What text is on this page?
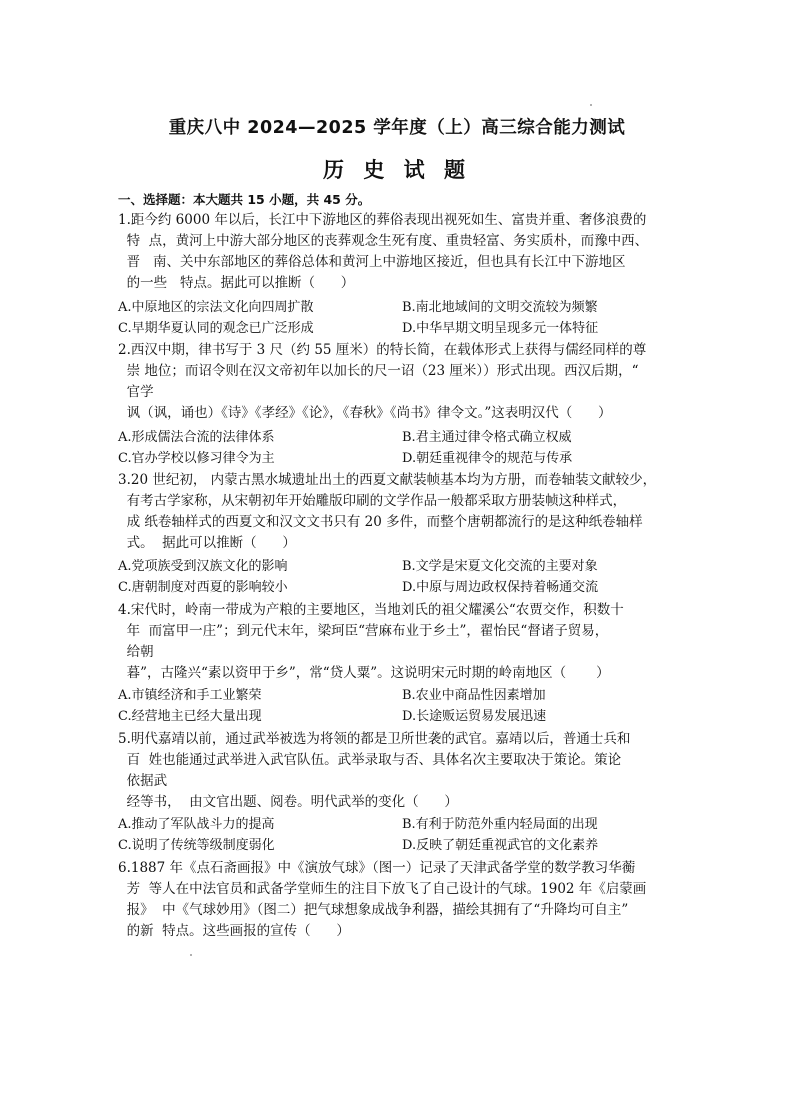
重庆八中 2024—2025 学年度（上）高三综合能力测试
历 史 试 题
一、选择题：本大题共 15 小题，共 45 分。
1.距今约 6000 年以后，长江中下游地区的葬俗表现出视死如生、富贵并重、奢侈浪费的
特  点，黄河上中游大部分地区的丧葬观念生死有度、重贵轻富、务实质朴，而豫中西、
晋   南、关中东部地区的葬俗总体和黄河上中游地区接近，但也具有长江中下游地区
的一些   特点。据此可以推断（      ）
A.中原地区的宗法文化向四周扩散	B.南北地域间的文明交流较为频繁
C.早期华夏认同的观念已广泛形成	D.中华早期文明呈现多元一体特征
2.西汉中期，律书写于 3 尺（约 55 厘米）的特长简，在载体形式上获得与儒经同样的尊
崇 地位；而诏令则在汉文帝初年以加长的尺一诏（23 厘米））形式出现。西汉后期，“
官学
讽（讽，诵也）《诗》《孝经》《论》，《春秋》《尚书》律令文。”这表明汉代（      ）
A.形成儒法合流的法律体系	B.君主通过律令格式确立权威
C.官办学校以修习律令为主	D.朝廷重视律令的规范与传承
3.20 世纪初， 内蒙古黑水城遗址出土的西夏文献装帧基本均为方册，而卷轴装文献较少，
有考古学家称，从宋朝初年开始雕版印刷的文学作品一般都采取方册装帧这种样式，
成 纸卷轴样式的西夏文和汉文文书只有 20 多件，而整个唐朝都流行的是这种纸卷轴样
式。  据此可以推断（      ）
A.党项族受到汉族文化的影响	B.文学是宋夏文化交流的主要对象
C.唐朝制度对西夏的影响较小	D.中原与周边政权保持着畅通交流
4.宋代时，岭南一带成为产粮的主要地区，当地刘氏的祖父耀溪公“农贾交作，积数十
年  而富甲一庄”；到元代末年，梁珂臣“营麻布业于乡土”，翟怡民“督诸子贸易，
给朝
暮”，古隆兴“素以资甲于乡”，常“贷人粟”。这说明宋元时期的岭南地区（       ）
A.市镇经济和手工业繁荣	B.农业中商品性因素增加
C.经营地主已经大量出现	D.长途贩运贸易发展迅速
5.明代嘉靖以前，通过武举被选为将领的都是卫所世袭的武官。嘉靖以后，普通士兵和
百  姓也能通过武举进入武官队伍。武举录取与否、具体名次主要取决于策论。策论
依据武
经等书，  由文官出题、阅卷。明代武举的变化（      ）
A.推动了军队战斗力的提高	B.有利于防范外重内轻局面的出现
C.说明了传统等级制度弱化	D.反映了朝廷重视武官的文化素养
6.1887 年《点石斋画报》中《演放气球》（图一）记录了天津武备学堂的数学教习华蘅
芳  等人在中法官员和武备学堂师生的注目下放飞了自己设计的气球。1902 年《启蒙画
报》  中《气球妙用》（图二）把气球想象成战争利器，描绘其拥有了“升降均可自主”
的新  特点。这些画报的宣传（      ）
